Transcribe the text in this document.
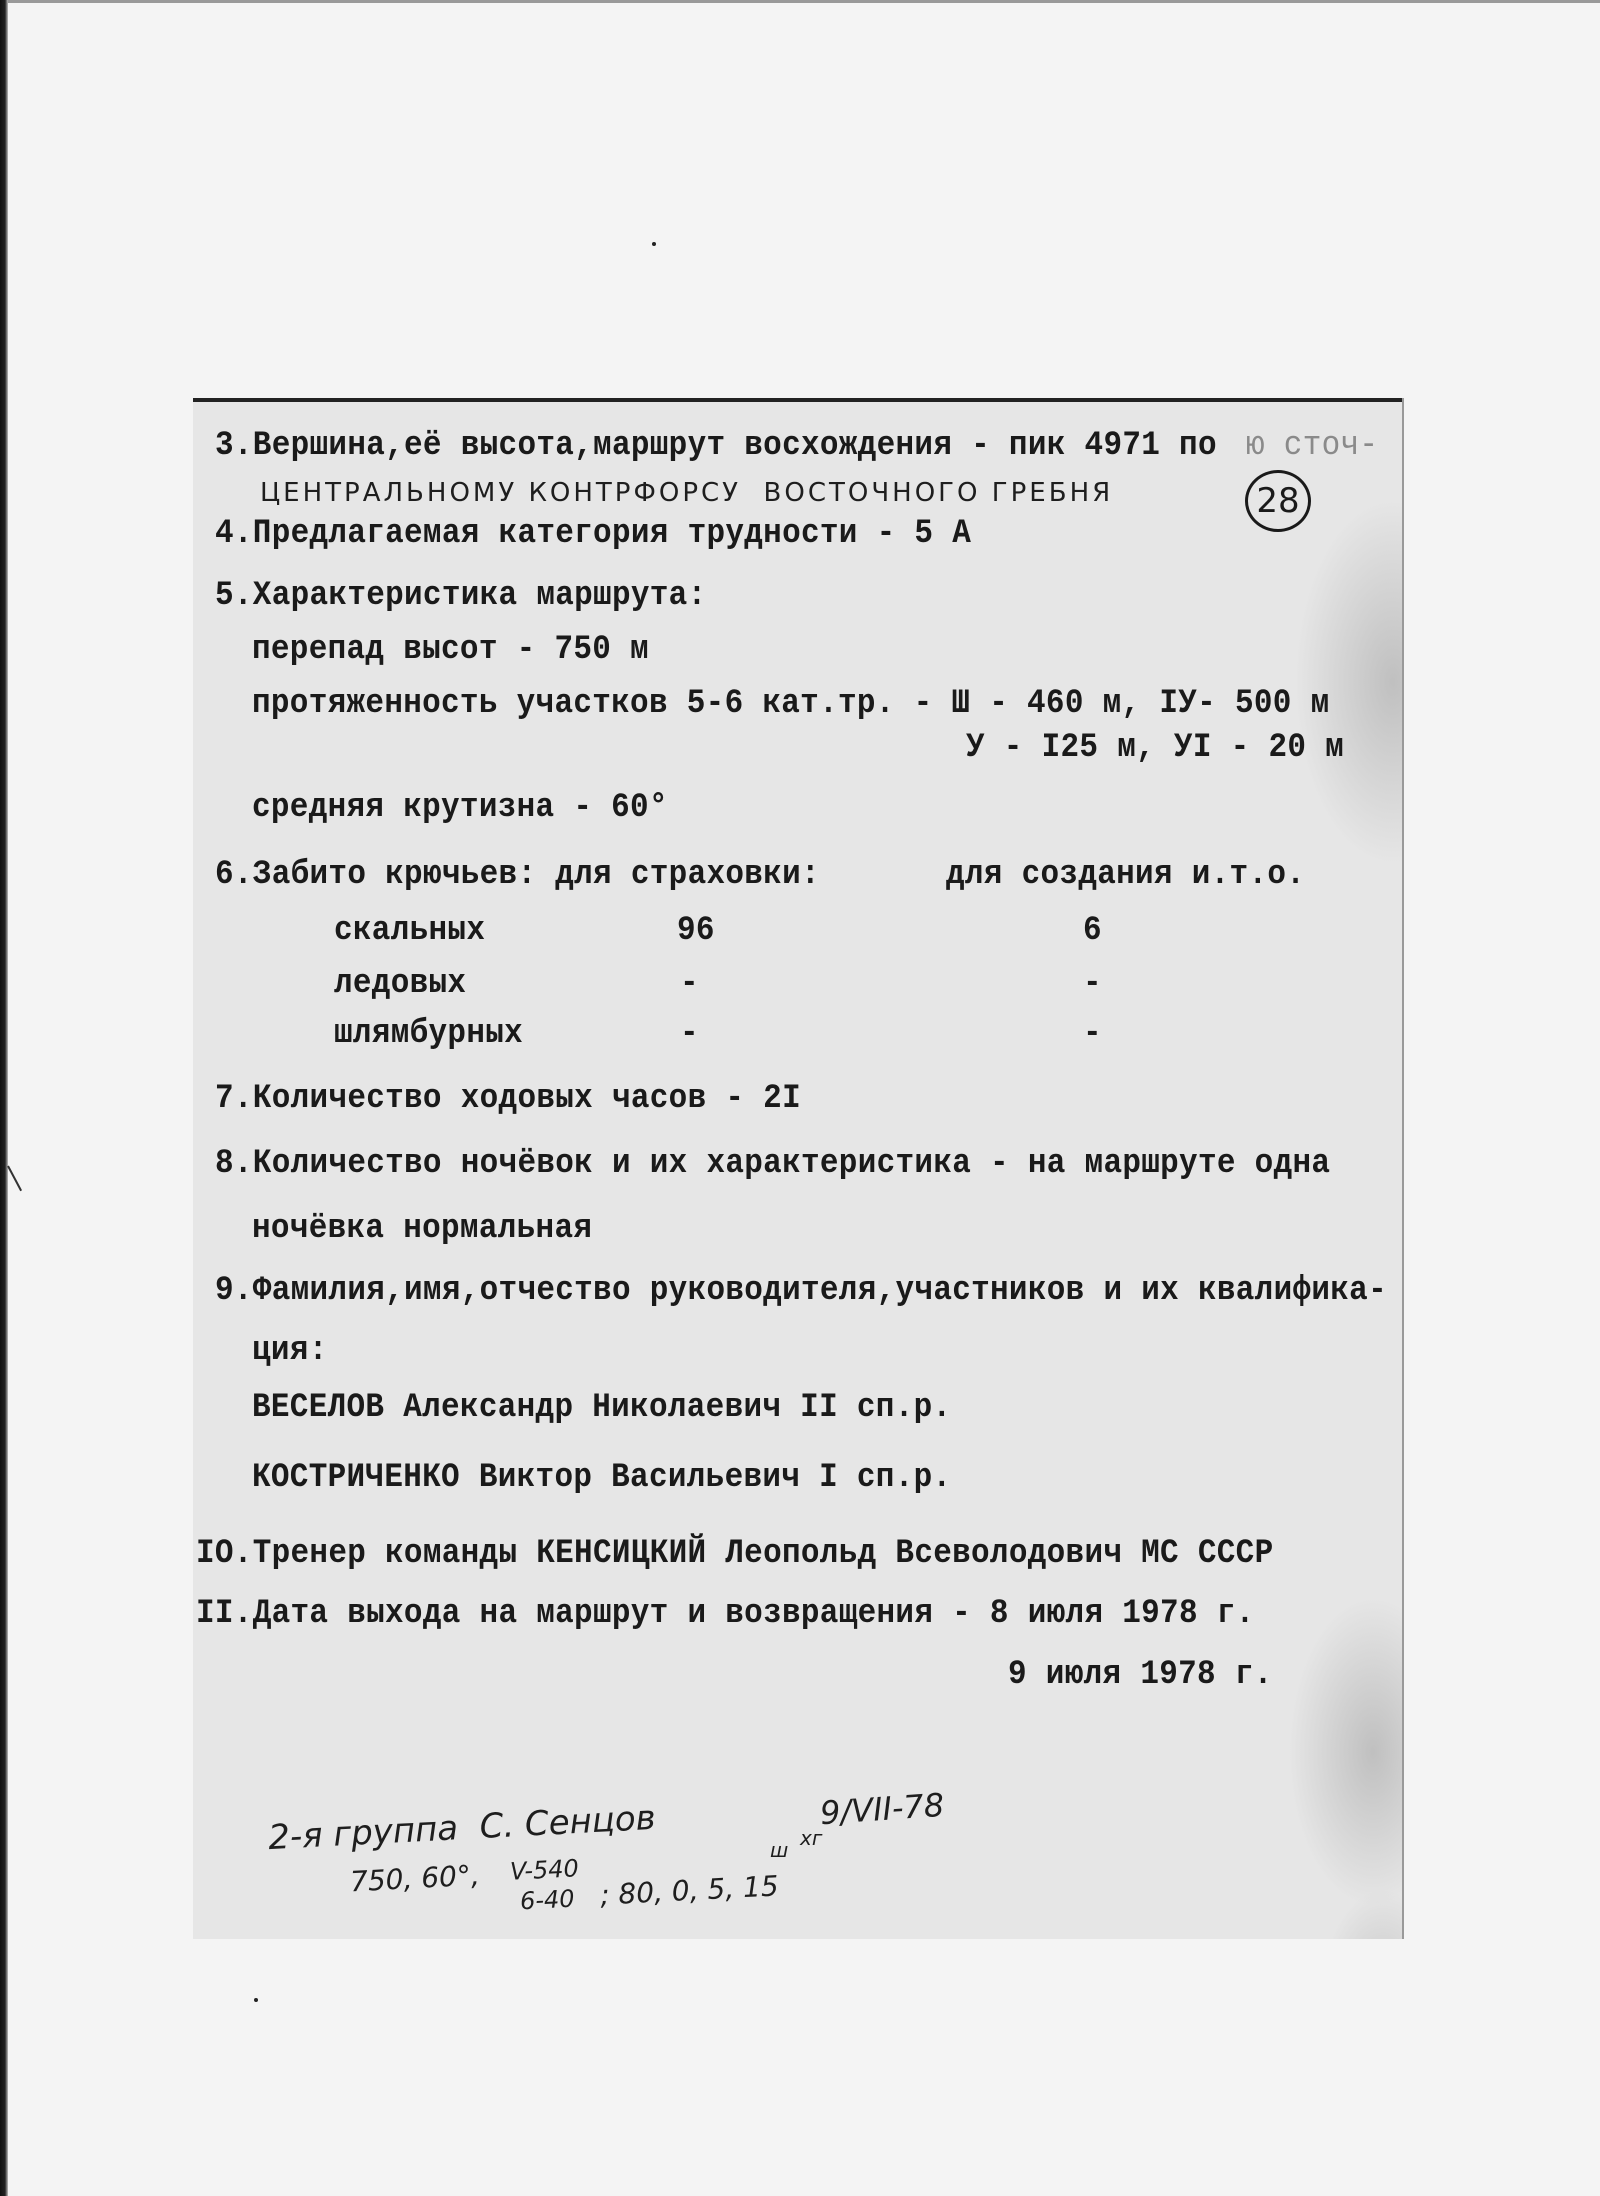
3.Вершина,её высота,маршрут восхождения - пик 4971 по ю сточ-
ЦЕНТРАЛЬНОМУ КОНТРФОРСУ  ВОСТОЧНОГО ГРЕБНЯ	28
4.Предлагаемая категория трудности - 5 А
5.Характеристика маршрута:
перепад высот - 750 м
протяженность участков 5-6 кат.тр. - Ш - 460 м, IУ- 500 м
У - I25 м, УI - 20 м
средняя крутизна - 60°
6.Забито крючьев: для страховки:	для создания и.т.о.
скальных	96	6
ледовых	-	-
шлямбурных	-	-
7.Количество ходовых часов - 2I
8.Количество ночёвок и их характеристика - на маршруте одна
ночёвка нормальная
9.Фамилия,имя,отчество руководителя,участников и их квалифика-
ция:
ВЕСЕЛОВ Александр Николаевич II сп.р.
КОСТРИЧЕНКО Виктор Васильевич I сп.р.
IO.Тренер команды КЕНСИЦКИЙ Леопольд Всеволодович МС СССР
II.Дата выхода на маршрут и возвращения - 8 июля 1978 г.
9 июля 1978 г.
2-я группа  С. Сенцов	9/VII-78
750, 60°, V-540
6-40 ; 80, 0, 5, 15
ш хг
